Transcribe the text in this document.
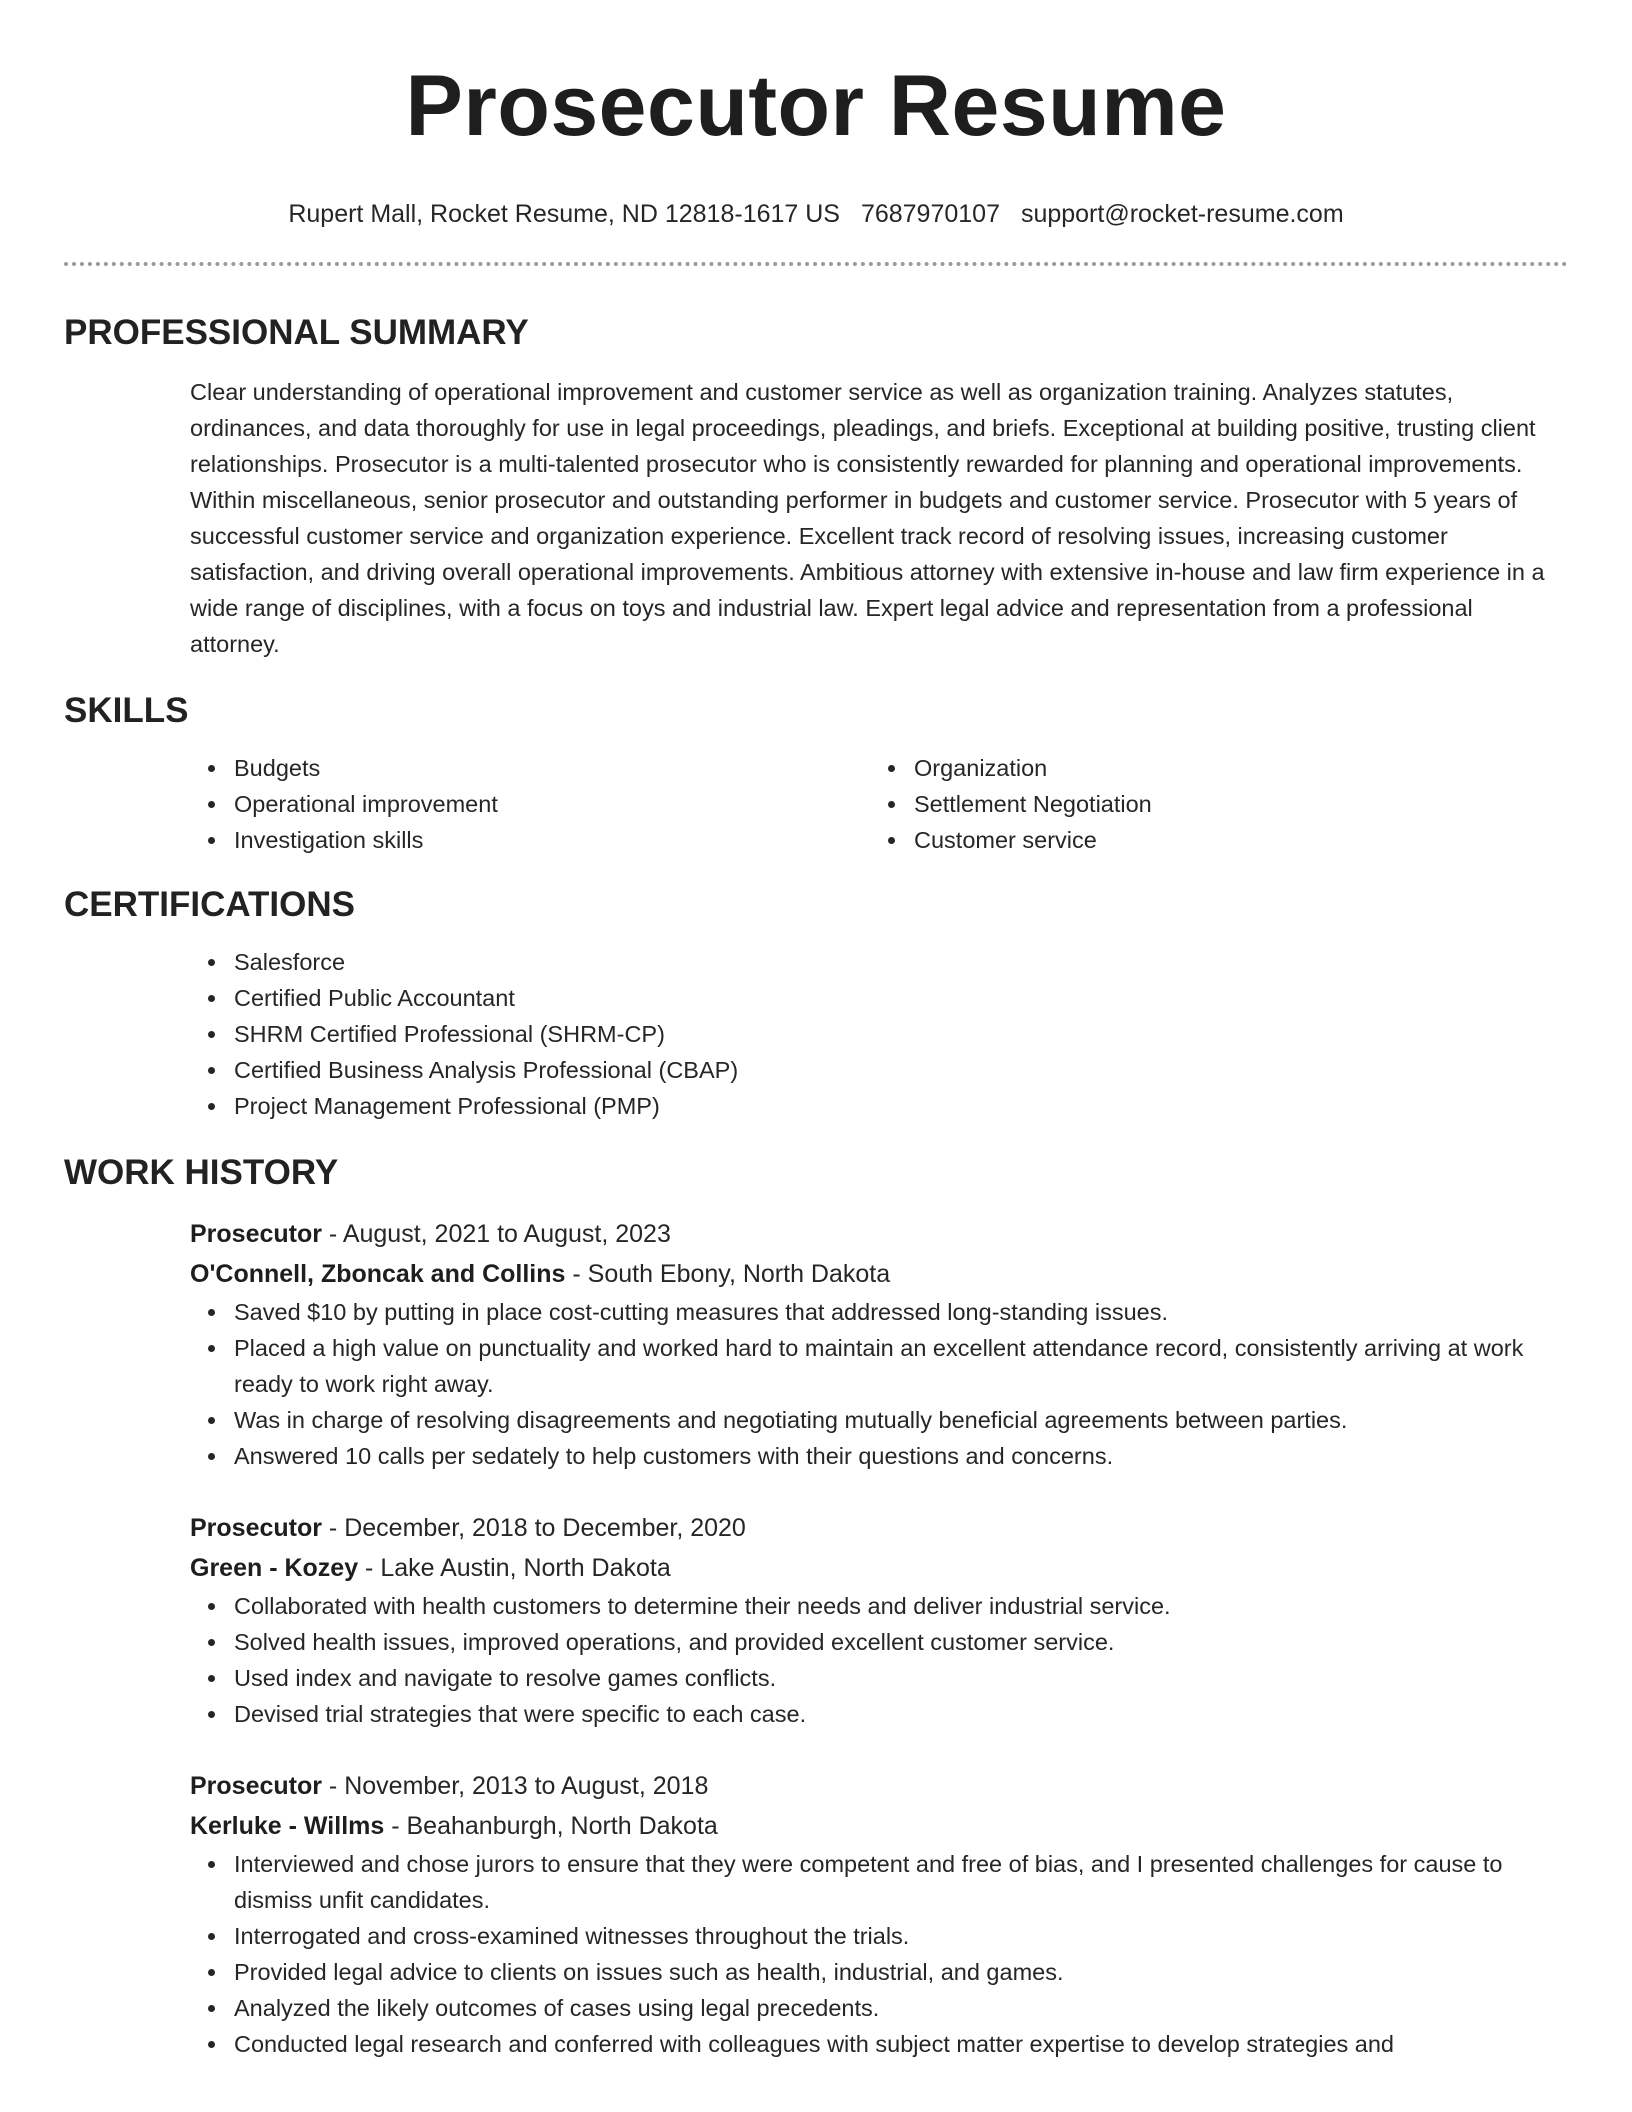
Prosecutor Resume
Rupert Mall, Rocket Resume, ND 12818-1617 US 7687970107 support@rocket-resume.com
PROFESSIONAL SUMMARY
Clear understanding of operational improvement and customer service as well as organization training. Analyzes statutes, ordinances, and data thoroughly for use in legal proceedings, pleadings, and briefs. Exceptional at building positive, trusting client relationships. Prosecutor is a multi-talented prosecutor who is consistently rewarded for planning and operational improvements. Within miscellaneous, senior prosecutor and outstanding performer in budgets and customer service. Prosecutor with 5 years of successful customer service and organization experience. Excellent track record of resolving issues, increasing customer satisfaction, and driving overall operational improvements. Ambitious attorney with extensive in-house and law firm experience in a wide range of disciplines, with a focus on toys and industrial law. Expert legal advice and representation from a professional attorney.
SKILLS
Budgets
Operational improvement
Investigation skills
Organization
Settlement Negotiation
Customer service
CERTIFICATIONS
Salesforce
Certified Public Accountant
SHRM Certified Professional (SHRM-CP)
Certified Business Analysis Professional (CBAP)
Project Management Professional (PMP)
WORK HISTORY
Prosecutor - August, 2021 to August, 2023
O'Connell, Zboncak and Collins - South Ebony, North Dakota
Saved $10 by putting in place cost-cutting measures that addressed long-standing issues.
Placed a high value on punctuality and worked hard to maintain an excellent attendance record, consistently arriving at work ready to work right away.
Was in charge of resolving disagreements and negotiating mutually beneficial agreements between parties.
Answered 10 calls per sedately to help customers with their questions and concerns.
Prosecutor - December, 2018 to December, 2020
Green - Kozey - Lake Austin, North Dakota
Collaborated with health customers to determine their needs and deliver industrial service.
Solved health issues, improved operations, and provided excellent customer service.
Used index and navigate to resolve games conflicts.
Devised trial strategies that were specific to each case.
Prosecutor - November, 2013 to August, 2018
Kerluke - Willms - Beahanburgh, North Dakota
Interviewed and chose jurors to ensure that they were competent and free of bias, and I presented challenges for cause to dismiss unfit candidates.
Interrogated and cross-examined witnesses throughout the trials.
Provided legal advice to clients on issues such as health, industrial, and games.
Analyzed the likely outcomes of cases using legal precedents.
Conducted legal research and conferred with colleagues with subject matter expertise to develop strategies and
